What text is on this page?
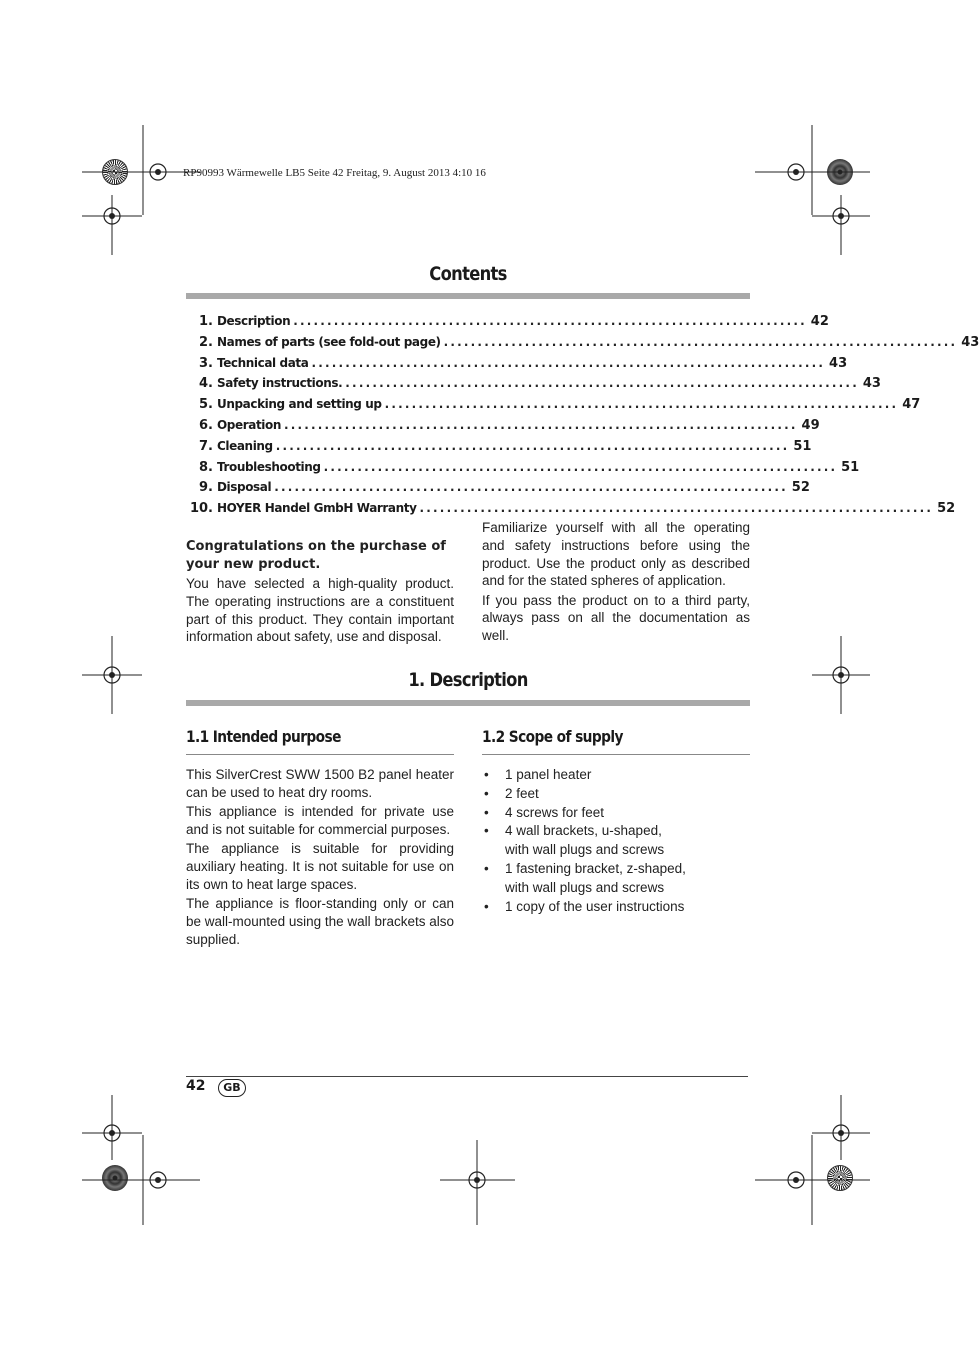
RP90993 Wärmewelle LB5 Seite 42 Freitag, 9. August 2013 4:10 16
Contents
1. Description ............................................................................ 42
2. Names of parts (see fold-out page) ............................................................................ 43
3. Technical data ............................................................................ 43
4. Safety instructions. ............................................................................ 43
5. Unpacking and setting up ............................................................................ 47
6. Operation ............................................................................ 49
7. Cleaning ............................................................................ 51
8. Troubleshooting ............................................................................ 51
9. Disposal ............................................................................ 52
10. HOYER Handel GmbH Warranty ............................................................................ 52
Congratulations on the purchase of your new product.
You have selected a high-quality product. The operating instructions are a constituent part of this product. They contain important information about safety, use and disposal.

Familiarize yourself with all the operating and safety instructions before using the product. Use the product only as described and for the stated spheres of application.

If you pass the product on to a third party, always pass on all the documentation as well.

1. Description
1.1 Intended purpose

This SilverCrest SWW 1500 B2 panel heater can be used to heat dry rooms.

This appliance is intended for private use and is not suitable for commercial purposes.

The appliance is suitable for providing auxiliary heating. It is not suitable for use on its own to heat large spaces.

The appliance is floor-standing only or can be wall-mounted using the wall brackets also supplied.

1.2 Scope of supply
• 1 panel heater
• 2 feet
• 4 screws for feet
• 4 wall brackets, u-shaped, with wall plugs and screws
• 1 fastening bracket, z-shaped, with wall plugs and screws
• 1 copy of the user instructions
42	GB
